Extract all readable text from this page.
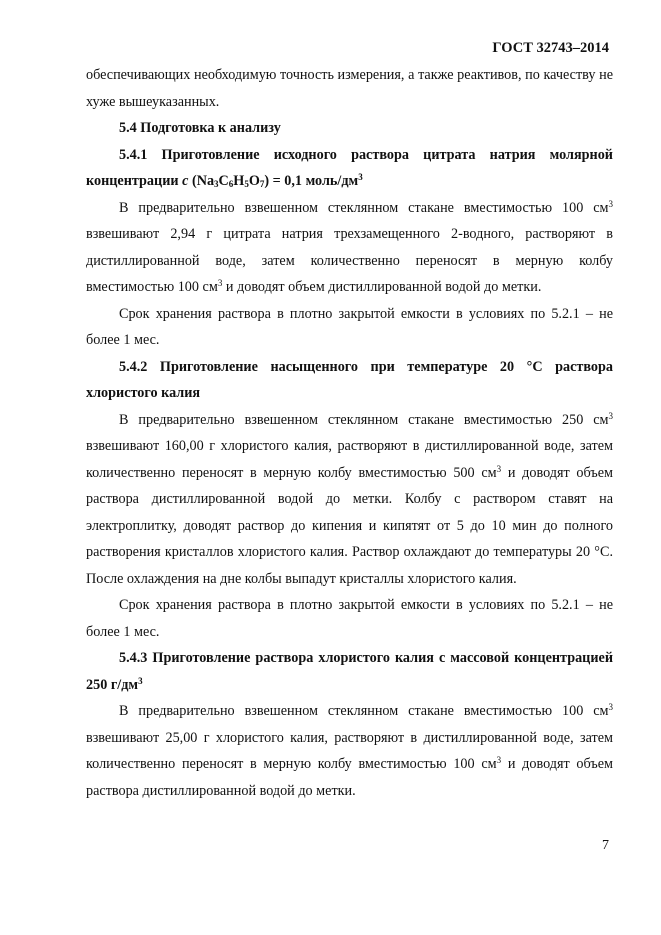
ГОСТ 32743–2014

обеспечивающих необходимую точность измерения, а также реактивов, по качеству не хуже вышеуказанных.

5.4 Подготовка к анализу

5.4.1 Приготовление исходного раствора цитрата натрия молярной концентрации с $(Na_3C_6H_5O_7) = 0,1$ моль/$дм^3$

В предварительно взвешенном стеклянном стакане вместимостью 100 $см^3$ взвешивают 2,94 г цитрата натрия трехзамещенного 2-водного, растворяют в дистиллированной воде, затем количественно переносят в мерную колбу вместимостью 100 $см^3$ и доводят объем дистиллированной водой до метки.

Срок хранения раствора в плотно закрытой емкости в условиях по 5.2.1 – не более 1 мес.

5.4.2 Приготовление насыщенного при температуре 20 °С раствора хлористого калия

В предварительно взвешенном стеклянном стакане вместимостью 250 $см^3$ взвешивают 160,00 г хлористого калия, растворяют в дистиллированной воде, затем количественно переносят в мерную колбу вместимостью 500 $см^3$ и доводят объем раствора дистиллированной водой до метки. Колбу с раствором ставят на электроплитку, доводят раствор до кипения и кипятят от 5 до 10 мин до полного растворения кристаллов хлористого калия. Раствор охлаждают до температуры 20 °С. После охлаждения на дне колбы выпадут кристаллы хлористого калия.

Срок хранения раствора в плотно закрытой емкости в условиях по 5.2.1 – не более 1 мес.

5.4.3 Приготовление раствора хлористого калия с массовой концентрацией 250 $г/дм^3$

В предварительно взвешенном стеклянном стакане вместимостью 100 $см^3$ взвешивают 25,00 г хлористого калия, растворяют в дистиллированной воде, затем количественно переносят в мерную колбу вместимостью 100 $см^3$ и доводят объем раствора дистиллированной водой до метки.

7
